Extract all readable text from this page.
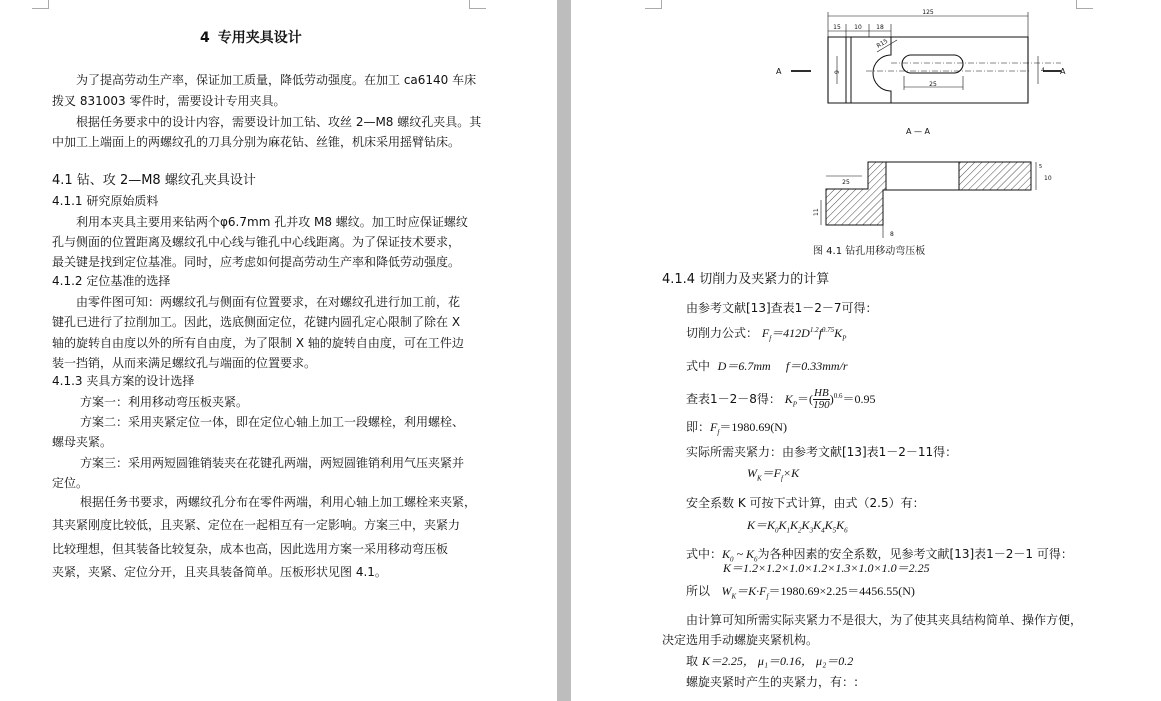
4 专用夹具设计
为了提高劳动生产率，保证加工质量，降低劳动强度。在加工 ca6140 车床
拨叉 831003 零件时，需要设计专用夹具。
根据任务要求中的设计内容，需要设计加工钻、攻丝 2—M8 螺纹孔夹具。其
中加工上端面上的两螺纹孔的刀具分别为麻花钻、丝锥，机床采用摇臂钻床。
4.1 钻、攻 2—M8 螺纹孔夹具设计
4.1.1 研究原始质料
利用本夹具主要用来钻两个φ6.7mm 孔并攻 M8 螺纹。加工时应保证螺纹
孔与侧面的位置距离及螺纹孔中心线与锥孔中心线距离。为了保证技术要求，
最关键是找到定位基准。同时，应考虑如何提高劳动生产率和降低劳动强度。
4.1.2 定位基准的选择
由零件图可知：两螺纹孔与侧面有位置要求，在对螺纹孔进行加工前，花
键孔已进行了拉削加工。因此，选底侧面定位，花键内圆孔定心限制了除在 X
轴的旋转自由度以外的所有自由度，为了限制 X 轴的旋转自由度，可在工件边
装一挡销，从而来满足螺纹孔与端面的位置要求。
4.1.3 夹具方案的设计选择
方案一：利用移动弯压板夹紧。
方案二：采用夹紧定位一体，即在定位心轴上加工一段螺栓，利用螺栓、
螺母夹紧。
方案三：采用两短圆锥销装夹在花键孔两端，两短圆锥销利用气压夹紧并
定位。
根据任务书要求，两螺纹孔分布在零件两端，利用心轴上加工螺栓来夹紧，
其夹紧刚度比较低，且夹紧、定位在一起相互有一定影响。方案三中，夹紧力
比较理想，但其装备比较复杂，成本也高，因此选用方案一采用移动弯压板
夹紧，夹紧、定位分开，且夹具装备简单。压板形状见图 4.1。
125
15 10 18
25
R15
9	4
A	A
A — A
25
5
10
11
8
图 4.1 钻孔用移动弯压板
4.1.4 切削力及夹紧力的计算
由参考文献[13]查表1－2－7可得：
切削力公式： $F_f=412D^{1.2}f^{0.75}K_P$
式中 D＝6.7mm f＝0.33mm/r
查表1－2－8得： $K_P=( \frac{HB}{190} )^{0.6}=0.95$
即：$F_f=1980.69(N)$
实际所需夹紧力：由参考文献[13]表1－2－11得：
$W_K=F_f\times K$
安全系数 K 可按下式计算，由式（2.5）有：
$K=K_0K_1K_2K_3K_4K_5K_6$
式中：$K_0$ ~ $K_6$为各种因素的安全系数，见参考文献[13]表1－2－1 可得：
K＝1.2×1.2×1.0×1.2×1.3×1.0×1.0＝2.25
所以 $W_K=K\cdot F_f=1980.69\times 2.25=4456.55(N)$
由计算可知所需实际夹紧力不是很大，为了使其夹具结构简单、操作方便，
决定选用手动螺旋夹紧机构。
取 K＝2.25， μ₁＝0.16， μ₂＝0.2
螺旋夹紧时产生的夹紧力，有：:
